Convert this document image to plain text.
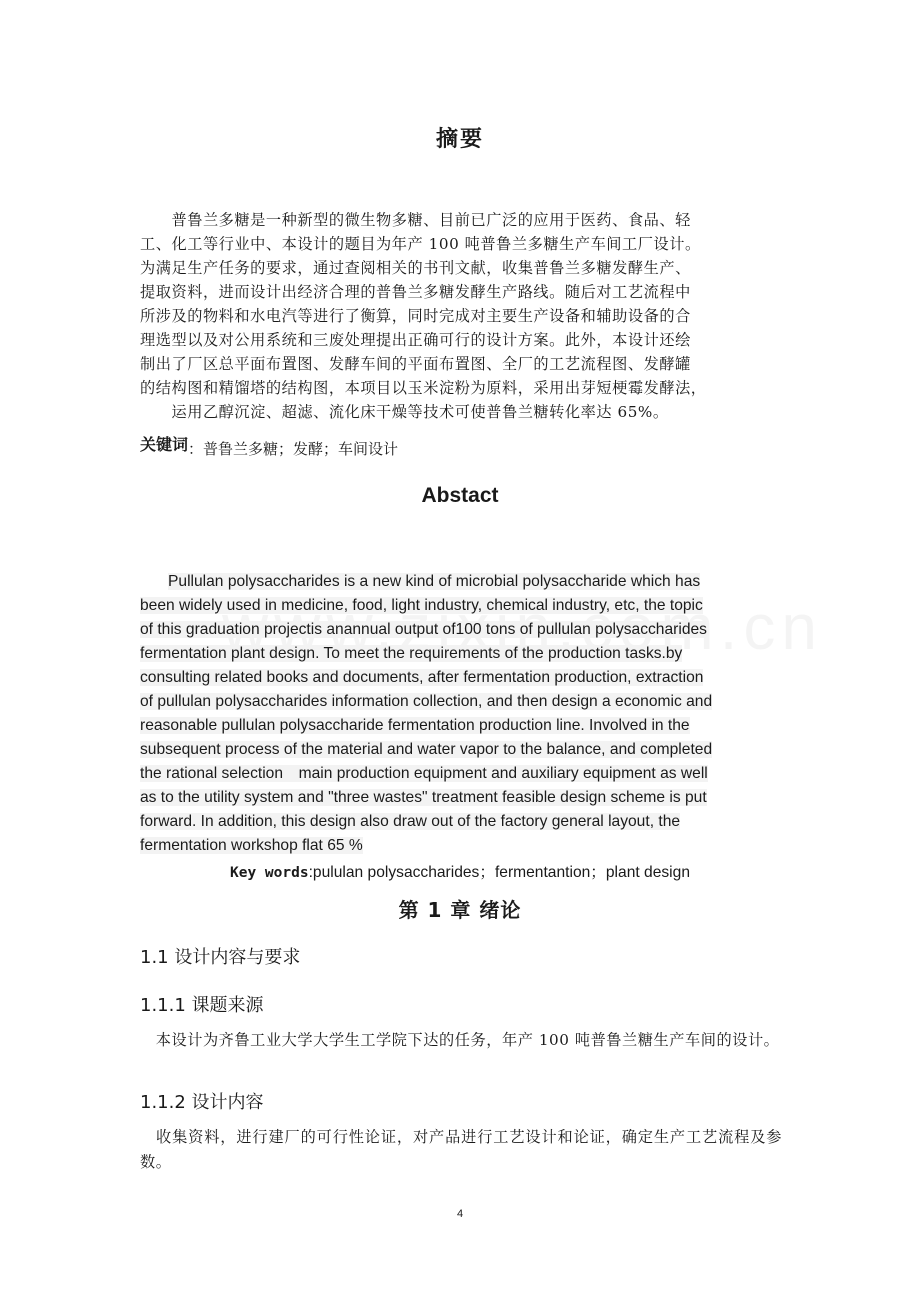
摘要
　　普鲁兰多糖是一种新型的微生物多糖、目前已广泛的应用于医药、食品、轻
工、化工等行业中、本设计的题目为年产 100 吨普鲁兰多糖生产车间工厂设计。
为满足生产任务的要求，通过查阅相关的书刊文献，收集普鲁兰多糖发酵生产、
提取资料，进而设计出经济合理的普鲁兰多糖发酵生产路线。随后对工艺流程中
所涉及的物料和水电汽等进行了衡算，同时完成对主要生产设备和辅助设备的合
理选型以及对公用系统和三废处理提出正确可行的设计方案。此外，本设计还绘
制出了厂区总平面布置图、发酵车间的平面布置图、全厂的工艺流程图、发酵罐
的结构图和精馏塔的结构图，本项目以玉米淀粉为原料，采用出芽短梗霉发酵法，
　　运用乙醇沉淀、超滤、流化床干燥等技术可使普鲁兰糖转化率达 65%。
关键词：普鲁兰多糖；发酵；车间设计
Abstact
Pullulan polysaccharides is a new kind of microbial polysaccharide which has
been widely used in medicine, food, light industry, chemical industry, etc, the topic
of this graduation projectis anannual output of100 tons of pullulan polysaccharides
fermentation plant design. To meet the requirements of the production tasks.by
consulting related books and documents, after fermentation production, extraction
of pullulan polysaccharides information collection, and then design a economic and
reasonable pullulan polysaccharide fermentation production line. Involved in the
subsequent process of the material and water vapor to the balance, and completed
the rational selection　main production equipment and auxiliary equipment as well
as to the utility system and "three wastes" treatment feasible design scheme is put
forward. In addition, this design also draw out of the factory general layout, the
fermentation workshop flat 65 %
Key words:pululan polysaccharides；fermentantion；plant design
第 1 章 绪论
1.1 设计内容与要求
1.1.1 课题来源
　本设计为齐鲁工业大学大学生工学院下达的任务，年产 100 吨普鲁兰糖生产车间的设计。
1.1.2 设计内容
　收集资料，进行建厂的可行性论证，对产品进行工艺设计和论证，确定生产工艺流程及参数。
4
